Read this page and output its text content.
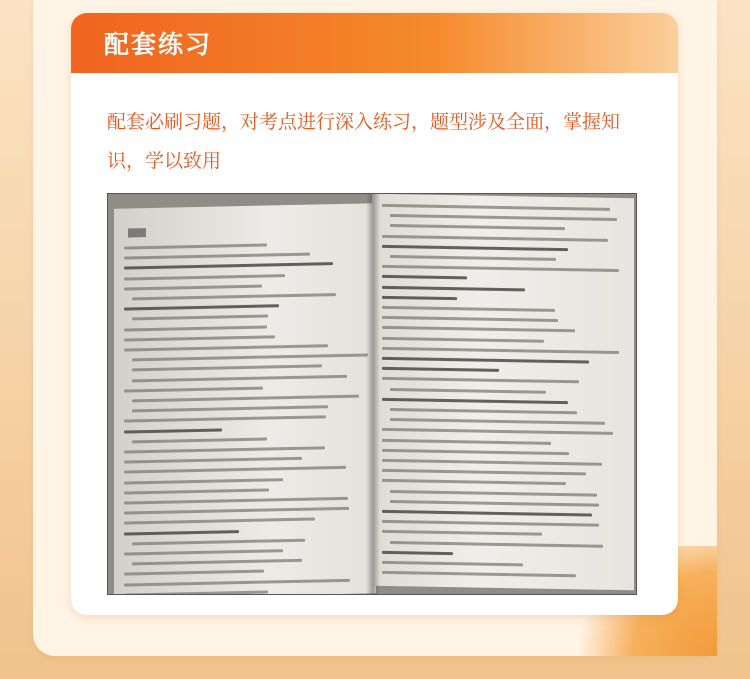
配套练习
配套必刷习题，对考点进行深入练习，题型涉及全面，掌握知识，学以致用
